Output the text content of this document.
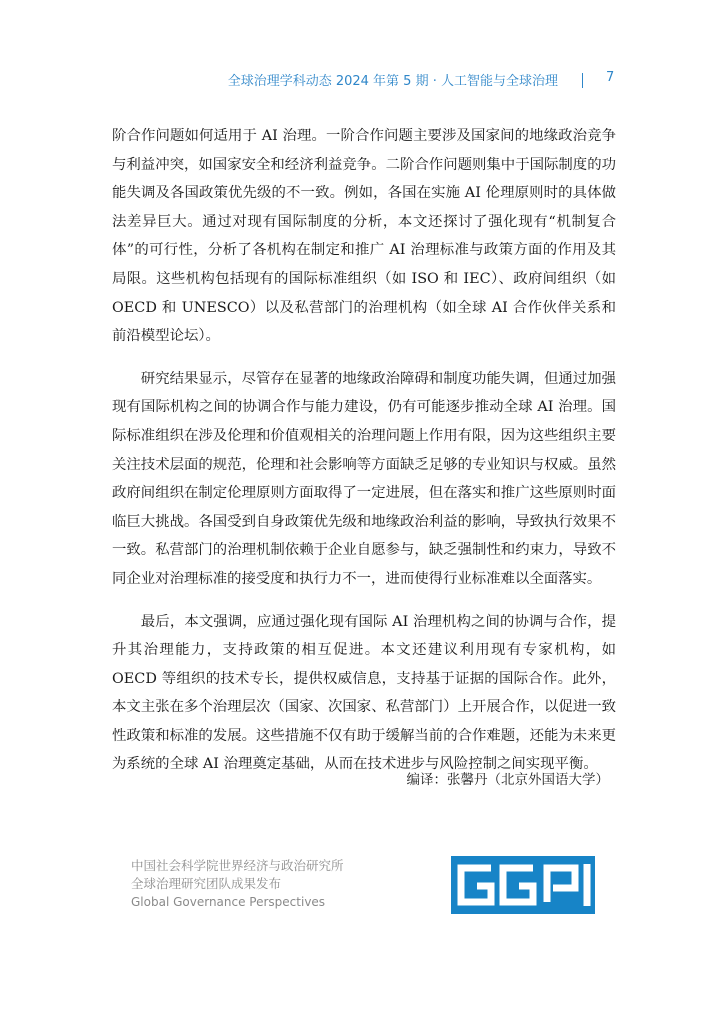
全球治理学科动态 2024 年第 5 期 · 人工智能与全球治理	7

阶合作问题如何适用于 AI 治理。一阶合作问题主要涉及国家间的地缘政治竞争与利益冲突，如国家安全和经济利益竞争。二阶合作问题则集中于国际制度的功能失调及各国政策优先级的不一致。例如，各国在实施 AI 伦理原则时的具体做法差异巨大。通过对现有国际制度的分析，本文还探讨了强化现有“机制复合体”的可行性，分析了各机构在制定和推广 AI 治理标准与政策方面的作用及其局限。这些机构包括现有的国际标准组织（如 ISO 和 IEC）、政府间组织（如 OECD 和 UNESCO）以及私营部门的治理机构（如全球 AI 合作伙伴关系和前沿模型论坛）。

研究结果显示，尽管存在显著的地缘政治障碍和制度功能失调，但通过加强现有国际机构之间的协调合作与能力建设，仍有可能逐步推动全球 AI 治理。国际标准组织在涉及伦理和价值观相关的治理问题上作用有限，因为这些组织主要关注技术层面的规范，伦理和社会影响等方面缺乏足够的专业知识与权威。虽然政府间组织在制定伦理原则方面取得了一定进展，但在落实和推广这些原则时面临巨大挑战。各国受到自身政策优先级和地缘政治利益的影响，导致执行效果不一致。私营部门的治理机制依赖于企业自愿参与，缺乏强制性和约束力，导致不同企业对治理标准的接受度和执行力不一，进而使得行业标准难以全面落实。

最后，本文强调，应通过强化现有国际 AI 治理机构之间的协调与合作，提升其治理能力，支持政策的相互促进。本文还建议利用现有专家机构，如 OECD 等组织的技术专长，提供权威信息，支持基于证据的国际合作。此外，本文主张在多个治理层次（国家、次国家、私营部门）上开展合作，以促进一致性政策和标准的发展。这些措施不仅有助于缓解当前的合作难题，还能为未来更为系统的全球 AI 治理奠定基础，从而在技术进步与风险控制之间实现平衡。

编译：张馨丹（北京外国语大学）
中国社会科学院世界经济与政治研究所
全球治理研究团队成果发布
Global Governance Perspectives
